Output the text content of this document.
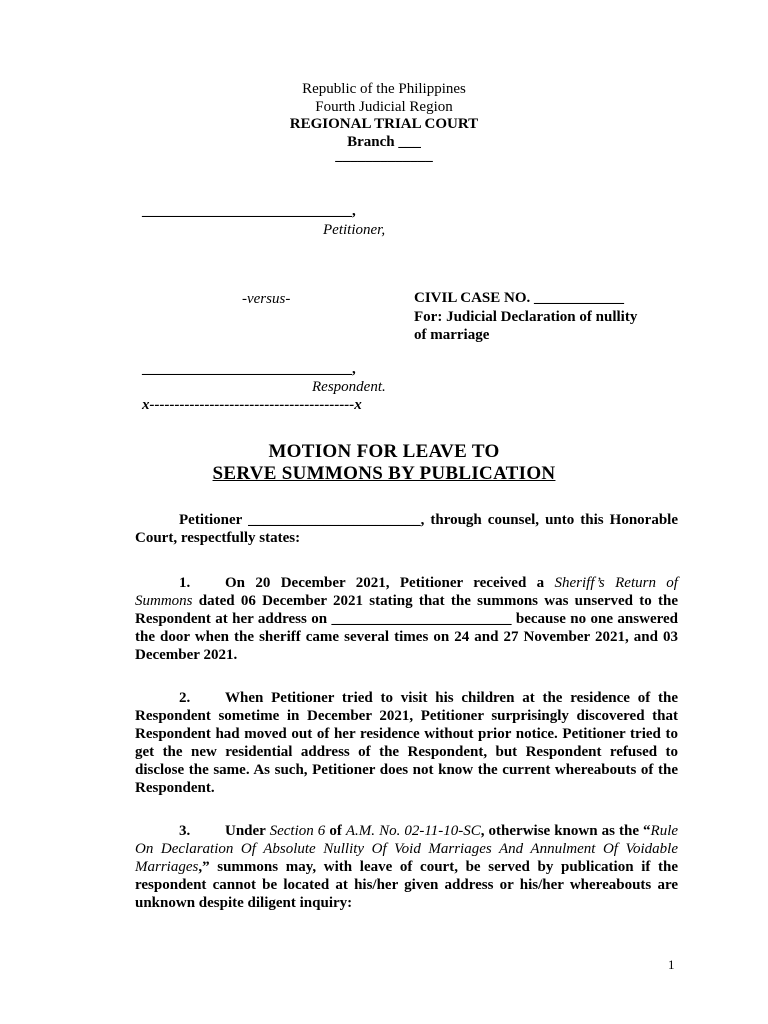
Republic of the Philippines
Fourth Judicial Region
REGIONAL TRIAL COURT
Branch ___
_____________
____________________________,
Petitioner,
-versus-	CIVIL CASE NO. ____________
For: Judicial Declaration of nullity
of marriage
____________________________,
Respondent.
x-----------------------------------------x
MOTION FOR LEAVE TO
SERVE SUMMONS BY PUBLICATION
Petitioner _______________________, through counsel, unto this Honorable Court, respectfully states:
1. On 20 December 2021, Petitioner received a Sheriff’s Return of Summons dated 06 December 2021 stating that the summons was unserved to the Respondent at her address on ________________________ because no one answered the door when the sheriff came several times on 24 and 27 November 2021, and 03 December 2021.
2. When Petitioner tried to visit his children at the residence of the Respondent sometime in December 2021, Petitioner surprisingly discovered that Respondent had moved out of her residence without prior notice. Petitioner tried to get the new residential address of the Respondent, but Respondent refused to disclose the same. As such, Petitioner does not know the current whereabouts of the Respondent.
3. Under Section 6 of A.M. No. 02-11-10-SC, otherwise known as the “Rule On Declaration Of Absolute Nullity Of Void Marriages And Annulment Of Voidable Marriages,” summons may, with leave of court, be served by publication if the respondent cannot be located at his/her given address or his/her whereabouts are unknown despite diligent inquiry:
1
